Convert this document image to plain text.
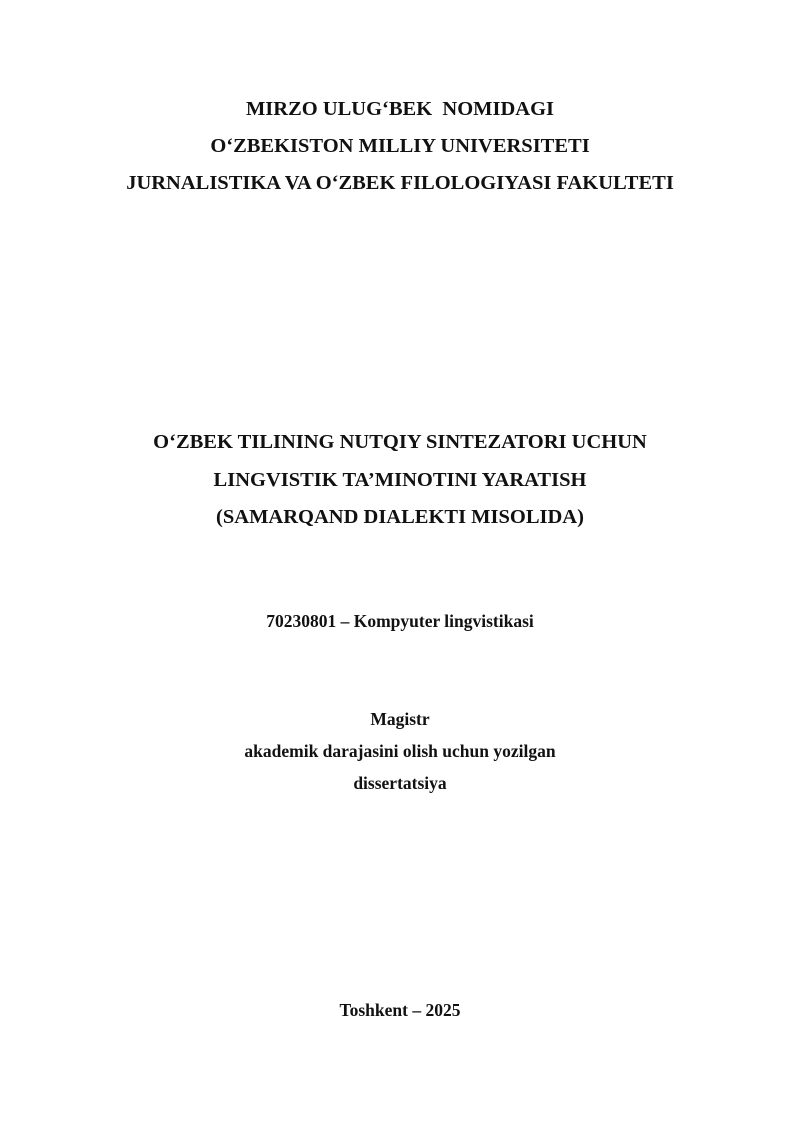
MIRZO ULUG‘BEK  NOMIDAGI
O‘ZBEKISTON MILLIY UNIVERSITETI
JURNALISTIKA VA O‘ZBEK FILOLOGIYASI FAKULTETI
O‘ZBEK TILINING NUTQIY SINTEZATORI UCHUN
LINGVISTIK TA’MINOTINI YARATISH
(SAMARQAND DIALEKTI MISOLIDA)
70230801 – Kompyuter lingvistikasi
Magistr
akademik darajasini olish uchun yozilgan
dissertatsiya
Toshkent – 2025
